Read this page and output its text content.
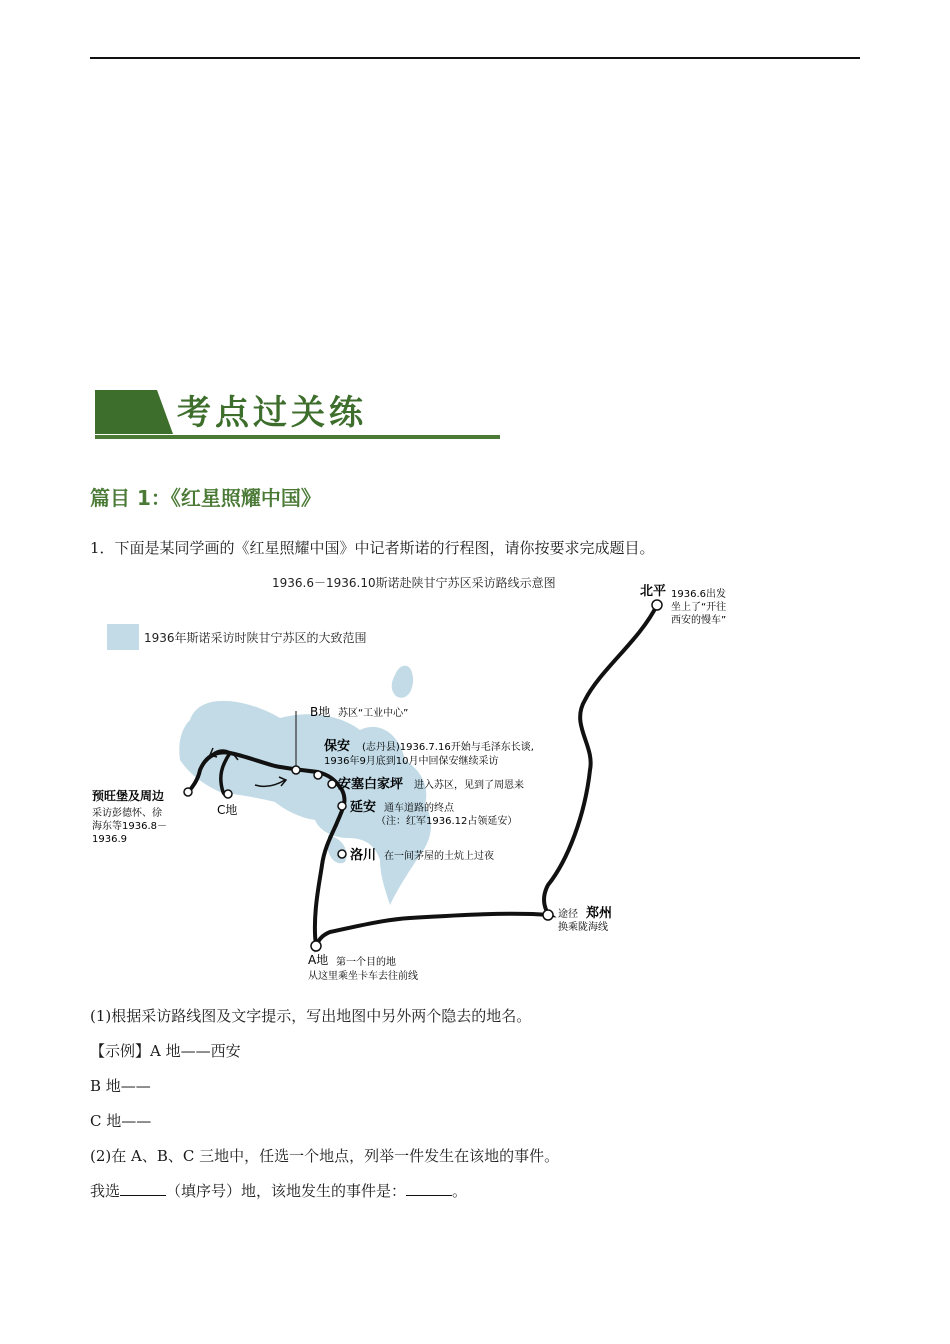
考点过关练
篇目 1：《红星照耀中国》
1．下面是某同学画的《红星照耀中国》中记者斯诺的行程图，请你按要求完成题目。
1936年斯诺采访时陕甘宁苏区的大致范围
1936.6－1936.10斯诺赴陕甘宁苏区采访路线示意图
北平 1936.6出发
坐上了“开往
西安的慢车”
途径 郑州
换乘陇海线
A地 第一个目的地
从这里乘坐卡车去往前线
洛川 在一间茅屋的土炕上过夜
延安 通车道路的终点
（注：红军1936.12占领延安）
安塞白家坪 进入苏区，见到了周恩来
保安 (志丹县)1936.7.16开始与毛泽东长谈,
1936年9月底到10月中回保安继续采访
B地 苏区“工业中心”
C地
预旺堡及周边
采访彭德怀、徐
海东等1936.8－
1936.9
(1)根据采访路线图及文字提示，写出地图中另外两个隐去的地名。
【示例】A 地——西安
B 地——
C 地——
(2)在 A、B、C 三地中，任选一个地点，列举一件发生在该地的事件。
我选	（填序号）地，该地发生的事件是：	。
